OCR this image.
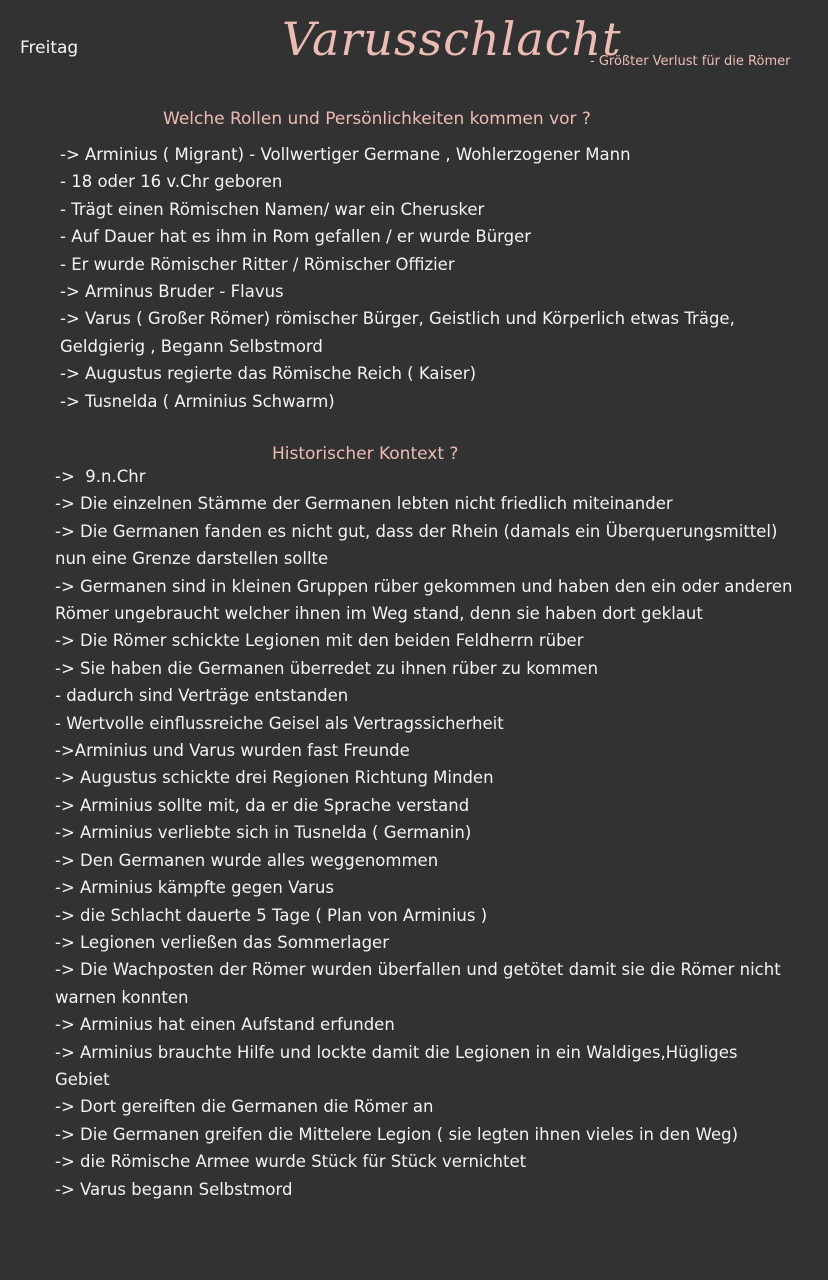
Freitag	Varusschlacht
- Größter Verlust für die Römer
Welche Rollen und Persönlichkeiten kommen vor ?
-> Arminius ( Migrant) - Vollwertiger Germane , Wohlerzogener Mann
- 18 oder 16 v.Chr geboren
- Trägt einen Römischen Namen/ war ein Cherusker
- Auf Dauer hat es ihm in Rom gefallen / er wurde Bürger
- Er wurde Römischer Ritter / Römischer Offizier
-> Arminus Bruder - Flavus
-> Varus ( Großer Römer) römischer Bürger, Geistlich und Körperlich etwas Träge, Geldgierig , Begann Selbstmord
-> Augustus regierte das Römische Reich ( Kaiser)
-> Tusnelda ( Arminius Schwarm)
Historischer Kontext ?
->  9.n.Chr
-> Die einzelnen Stämme der Germanen lebten nicht friedlich miteinander
-> Die Germanen fanden es nicht gut, dass der Rhein (damals ein Überquerungsmittel) nun eine Grenze darstellen sollte
-> Germanen sind in kleinen Gruppen rüber gekommen und haben den ein oder anderen Römer ungebraucht welcher ihnen im Weg stand, denn sie haben dort geklaut
-> Die Römer schickte Legionen mit den beiden Feldherrn rüber
-> Sie haben die Germanen überredet zu ihnen rüber zu kommen
- dadurch sind Verträge entstanden
- Wertvolle einflussreiche Geisel als Vertragssicherheit
->Arminius und Varus wurden fast Freunde
-> Augustus schickte drei Regionen Richtung Minden
-> Arminius sollte mit, da er die Sprache verstand
-> Arminius verliebte sich in Tusnelda ( Germanin)
-> Den Germanen wurde alles weggenommen
-> Arminius kämpfte gegen Varus
-> die Schlacht dauerte 5 Tage ( Plan von Arminius )
-> Legionen verließen das Sommerlager
-> Die Wachposten der Römer wurden überfallen und getötet damit sie die Römer nicht warnen konnten
-> Arminius hat einen Aufstand erfunden
-> Arminius brauchte Hilfe und lockte damit die Legionen in ein Waldiges,Hügliges Gebiet
-> Dort gereiften die Germanen die Römer an
-> Die Germanen greifen die Mittelere Legion ( sie legten ihnen vieles in den Weg)
-> die Römische Armee wurde Stück für Stück vernichtet
-> Varus begann Selbstmord
